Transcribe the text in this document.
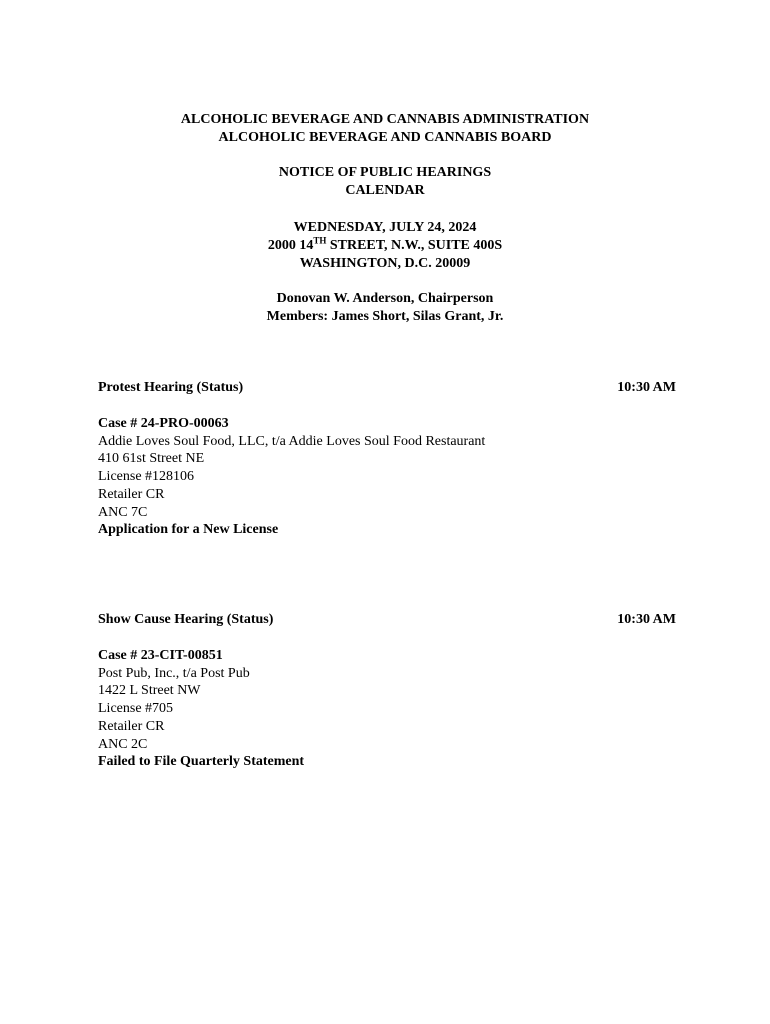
ALCOHOLIC BEVERAGE AND CANNABIS ADMINISTRATION
ALCOHOLIC BEVERAGE AND CANNABIS BOARD
NOTICE OF PUBLIC HEARINGS
CALENDAR
WEDNESDAY, JULY 24, 2024
2000 14TH STREET, N.W., SUITE 400S
WASHINGTON, D.C. 20009
Donovan W. Anderson, Chairperson
Members: James Short, Silas Grant, Jr.
Protest Hearing (Status)	10:30 AM
Case # 24-PRO-00063
Addie Loves Soul Food, LLC, t/a Addie Loves Soul Food Restaurant
410 61st Street NE
License #128106
Retailer CR
ANC 7C
Application for a New License
Show Cause Hearing (Status)	10:30 AM
Case # 23-CIT-00851
Post Pub, Inc., t/a Post Pub
1422 L Street NW
License #705
Retailer CR
ANC 2C
Failed to File Quarterly Statement
